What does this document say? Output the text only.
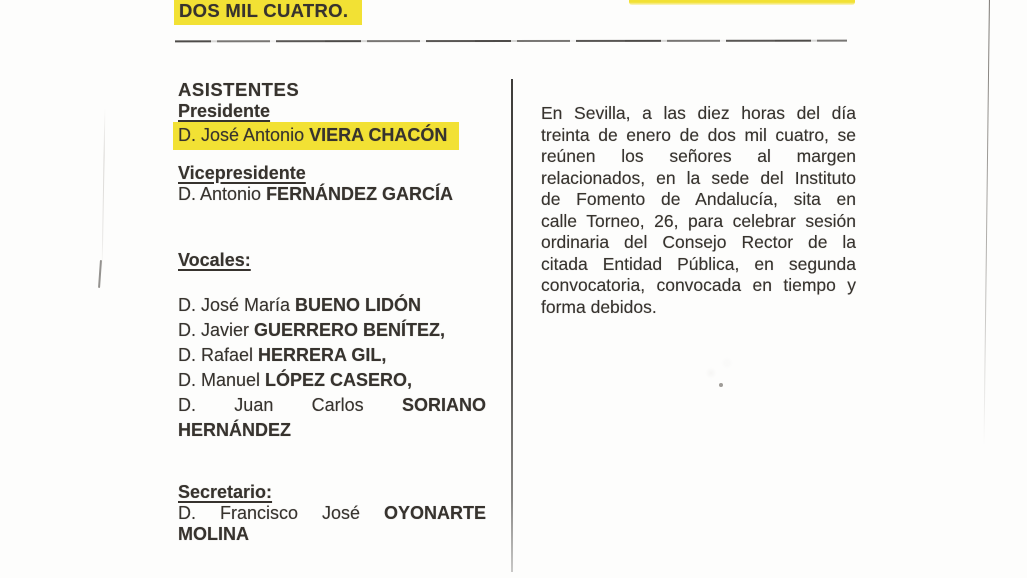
DOS MIL CUATRO.
ASISTENTES
Presidente
D. José Antonio VIERA CHACÓN
Vicepresidente
D. Antonio FERNÁNDEZ GARCÍA
Vocales:
D. José María BUENO LIDÓN
D. Javier GUERRERO BENÍTEZ,
D. Rafael HERRERA GIL,
D. Manuel LÓPEZ CASERO,
D. Juan Carlos SORIANO
HERNÁNDEZ
Secretario:
D. Francisco José OYONARTE
MOLINA
En Sevilla, a las diez horas del día
treinta de enero de dos mil cuatro, se
reúnen los señores al margen
relacionados, en la sede del Instituto
de Fomento de Andalucía, sita en
calle Torneo, 26, para celebrar sesión
ordinaria del Consejo Rector de la
citada Entidad Pública, en segunda
convocatoria, convocada en tiempo y
forma debidos.
